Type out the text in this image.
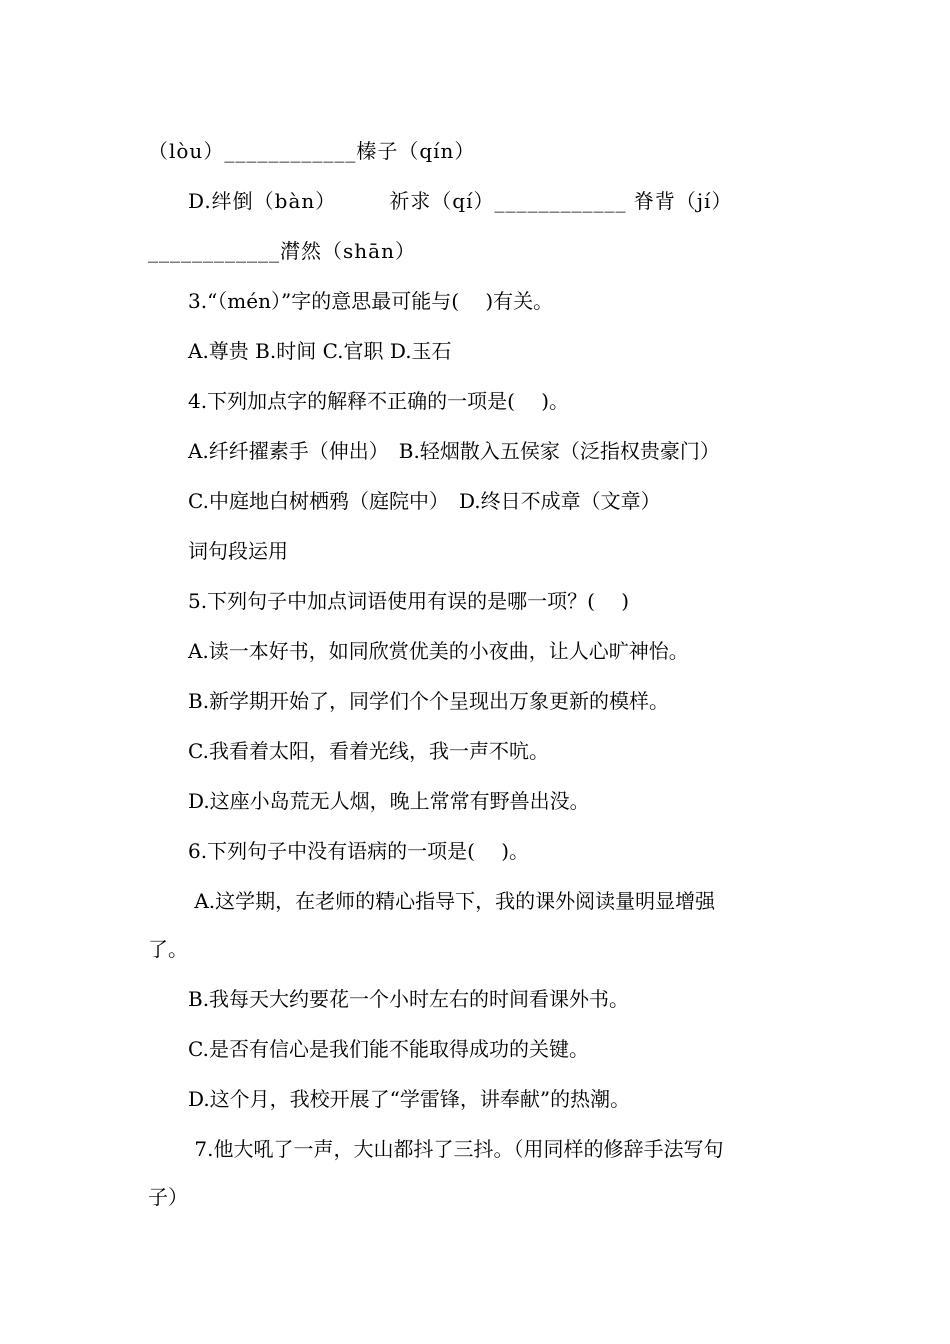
（lòu）____________榛子（qín）
D.绊倒（bàn）　　　祈求（qí）____________ 脊背（jí）
____________潸然（shān）
3.“（mén）”字的意思最可能与(　 )有关。
A.尊贵 B.时间 C.官职 D.玉石
4.下列加点字的解释不正确的一项是(　 )。
A.纤纤擢素手（伸出）　B.轻烟散入五侯家（泛指权贵豪门）
C.中庭地白树栖鸦（庭院中）　D.终日不成章（文章）
词句段运用
5.下列句子中加点词语使用有误的是哪一项？(　 )
A.读一本好书，如同欣赏优美的小夜曲，让人心旷神怡。
B.新学期开始了，同学们个个呈现出万象更新的模样。
C.我看着太阳，看着光线，我一声不吭。
D.这座小岛荒无人烟，晚上常常有野兽出没。
6.下列句子中没有语病的一项是(　 )。
A.这学期，在老师的精心指导下，我的课外阅读量明显增强
了。
B.我每天大约要花一个小时左右的时间看课外书。
C.是否有信心是我们能不能取得成功的关键。
D.这个月，我校开展了“学雷锋，讲奉献”的热潮。
7.他大吼了一声，大山都抖了三抖。（用同样的修辞手法写句
子）
